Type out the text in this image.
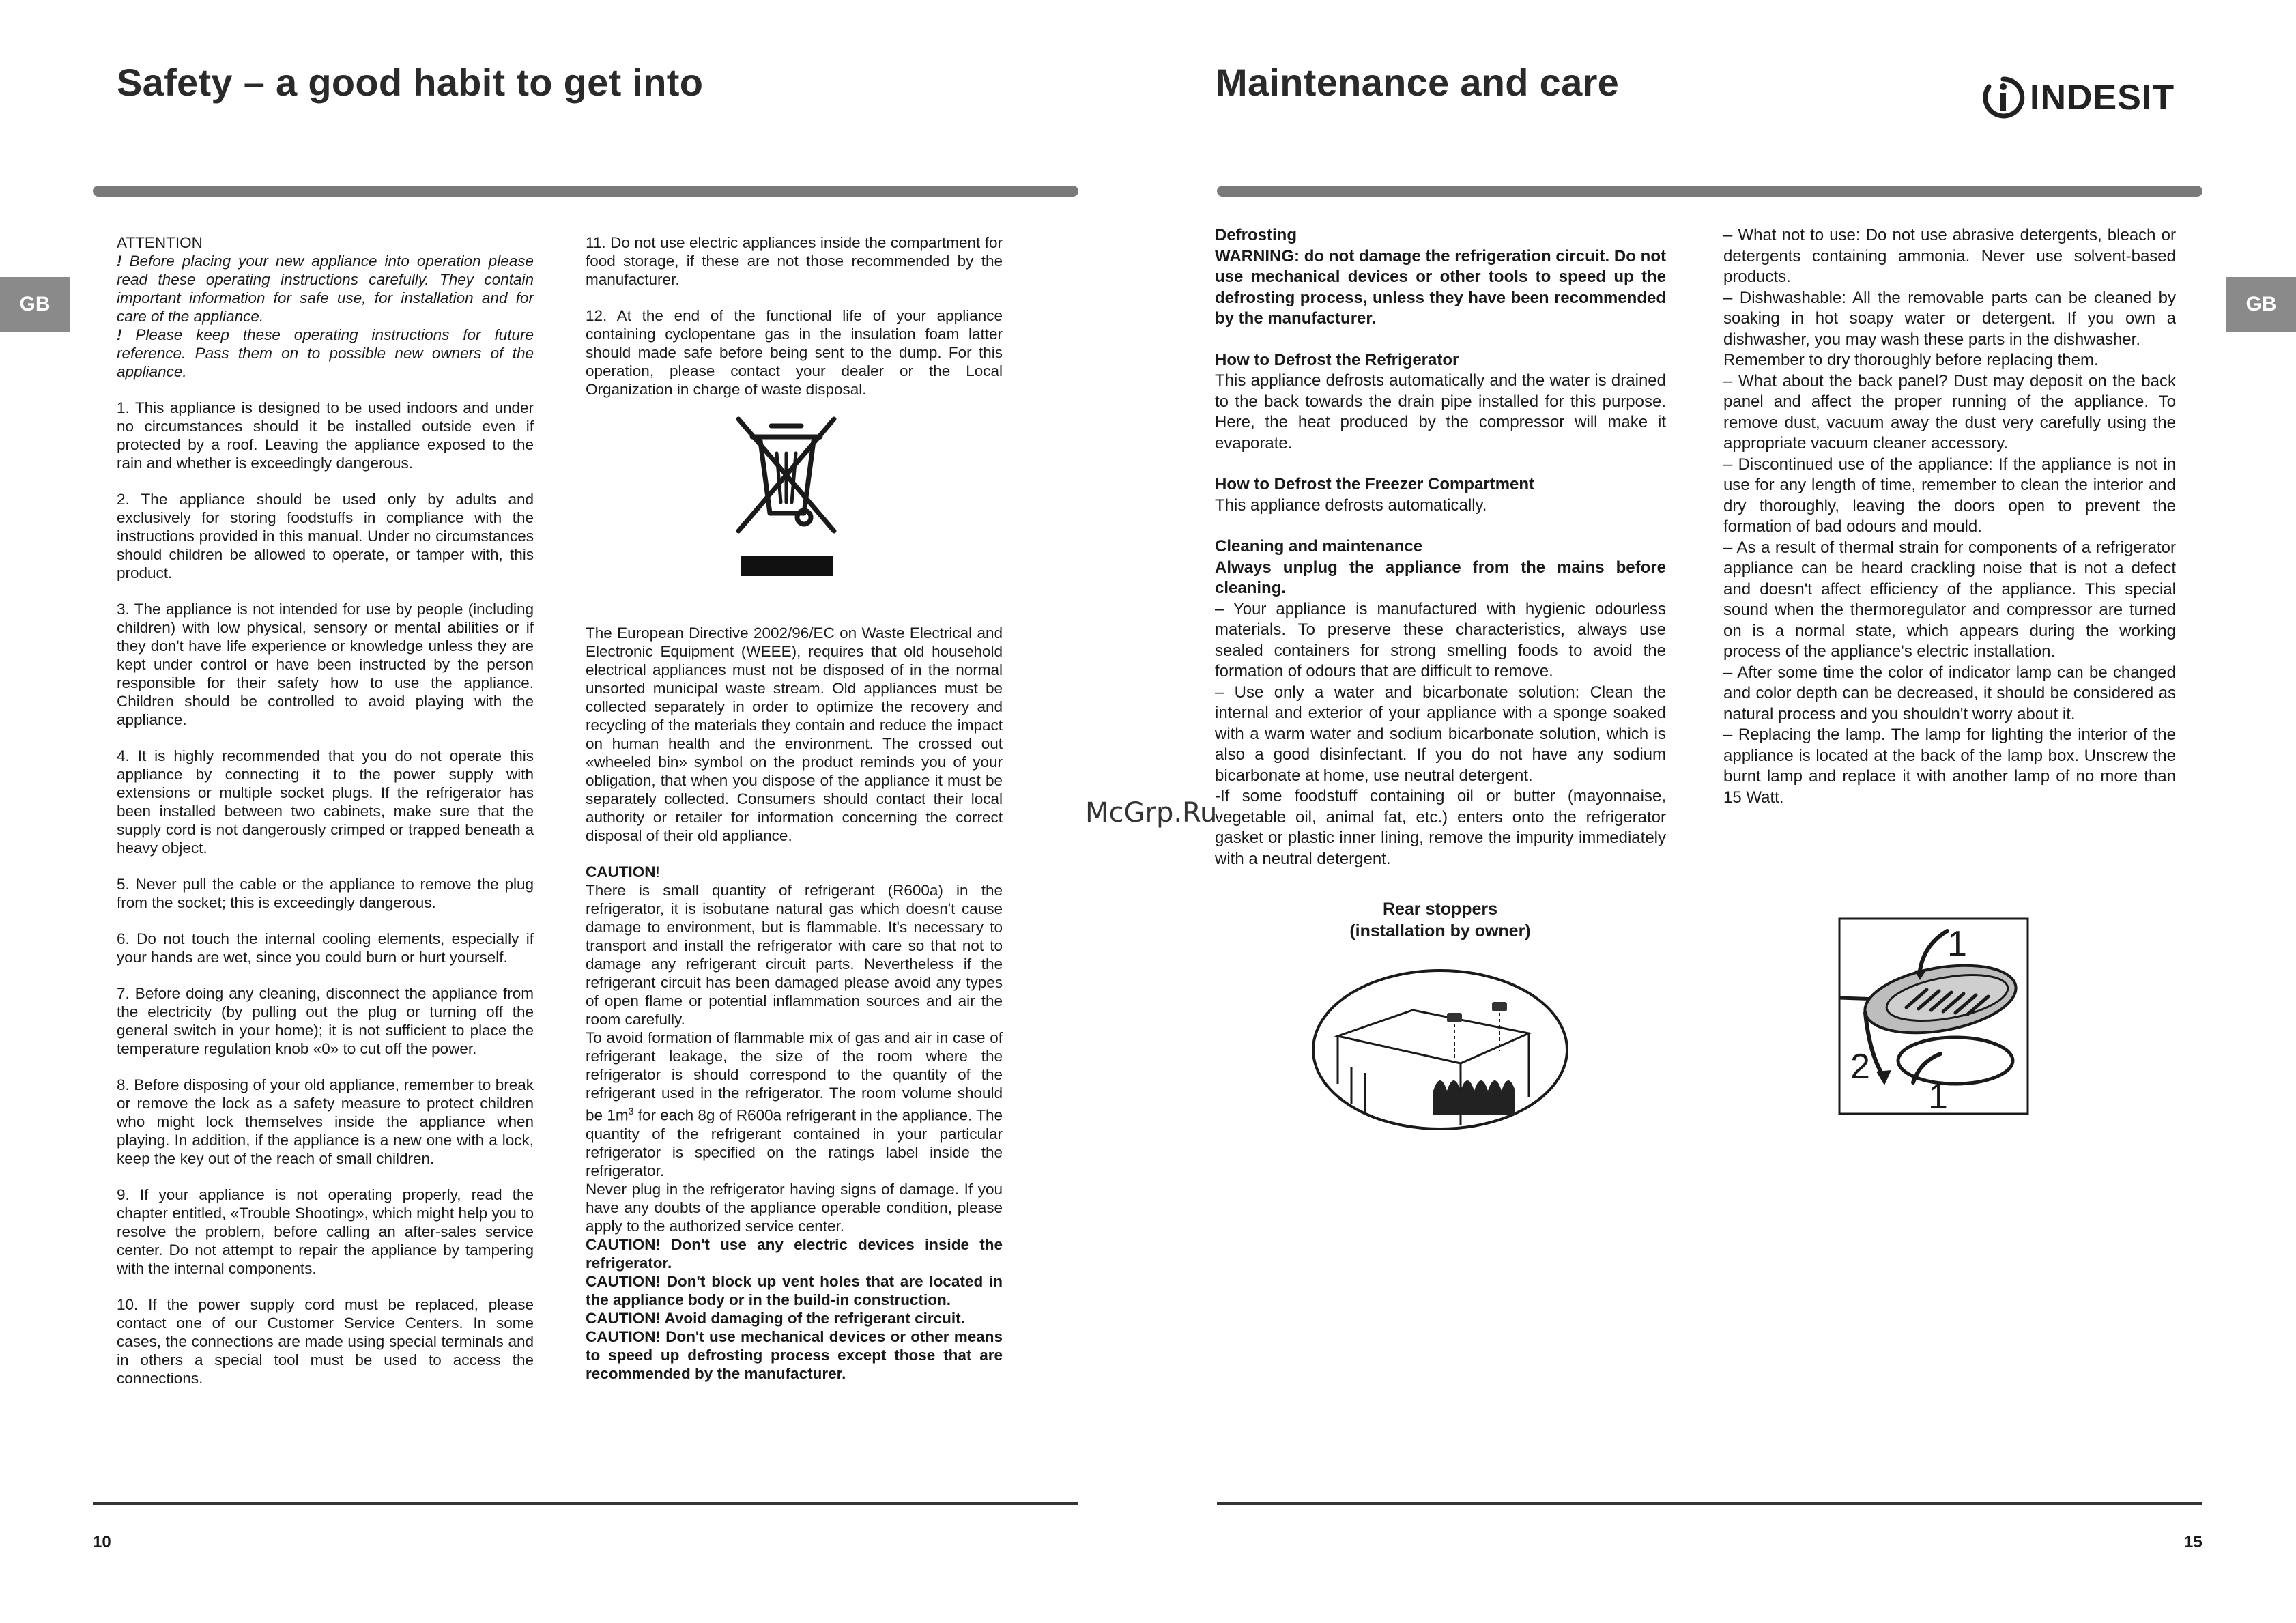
Safety – a good habit to get into
GB
ATTENTION
! Before placing your new appliance into operation please read these operating instructions carefully. They contain important information for safe use, for installation and for care of the appliance.

! Please keep these operating instructions for future reference. Pass them on to possible new owners of the appliance.

1. This appliance is designed to be used indoors and under no circumstances should it be installed outside even if protected by a roof. Leaving the appliance exposed to the rain and whether is exceedingly dangerous.

2. The appliance should be used only by adults and exclusively for storing foodstuffs in compliance with the instructions provided in this manual. Under no circumstances should children be allowed to operate, or tamper with, this product.

3. The appliance is not intended for use by people (including children) with low physical, sensory or mental abilities or if they don't have life experience or knowledge unless they are kept under control or have been instructed by the person responsible for their safety how to use the appliance. Children should be controlled to avoid playing with the appliance.

4. It is highly recommended that you do not operate this appliance by connecting it to the power supply with extensions or multiple socket plugs. If the refrigerator has been installed between two cabinets, make sure that the supply cord is not dangerously crimped or trapped beneath a heavy object.

5. Never pull the cable or the appliance to remove the plug from the socket; this is exceedingly dangerous.

6. Do not touch the internal cooling elements, especially if your hands are wet, since you could burn or hurt yourself.

7. Before doing any cleaning, disconnect the appliance from the electricity (by pulling out the plug or turning off the general switch in your home); it is not sufficient to place the temperature regulation knob «0» to cut off the power.

8. Before disposing of your old appliance, remember to break or remove the lock as a safety measure to protect children who might lock themselves inside the appliance when playing. In addition, if the appliance is a new one with a lock, keep the key out of the reach of small children.

9. If your appliance is not operating properly, read the chapter entitled, «Trouble Shooting», which might help you to resolve the problem, before calling an after-sales service center. Do not attempt to repair the appliance by tampering with the internal components.

10. If the power supply cord must be replaced, please contact one of our Customer Service Centers. In some cases, the connections are made using special terminals and in others a special tool must be used to access the connections.

11. Do not use electric appliances inside the compartment for food storage, if these are not those recommended by the manufacturer.

12. At the end of the functional life of your appliance containing cyclopentane gas in the insulation foam latter should made safe before being sent to the dump. For this operation, please contact your dealer or the Local Organization in charge of waste disposal.

The European Directive 2002/96/EC on Waste Electrical and Electronic Equipment (WEEE), requires that old household electrical appliances must not be disposed of in the normal unsorted municipal waste stream. Old appliances must be collected separately in order to optimize the recovery and recycling of the materials they contain and reduce the impact on human health and the environment. The crossed out «wheeled bin» symbol on the product reminds you of your obligation, that when you dispose of the appliance it must be separately collected. Consumers should contact their local authority or retailer for information concerning the correct disposal of their old appliance.

CAUTION!
There is small quantity of refrigerant (R600a) in the refrigerator, it is isobutane natural gas which doesn't cause damage to environment, but is flammable. It's necessary to transport and install the refrigerator with care so that not to damage any refrigerant circuit parts. Nevertheless if the refrigerant circuit has been damaged please avoid any types of open flame or potential inflammation sources and air the room carefully.
To avoid formation of flammable mix of gas and air in case of refrigerant leakage, the size of the room where the refrigerator is should correspond to the quantity of the refrigerant used in the refrigerator. The room volume should be $1m^3$ for each 8g of R600a refrigerant in the appliance. The quantity of the refrigerant contained in your particular refrigerator is specified on the ratings label inside the refrigerator.
Never plug in the refrigerator having signs of damage. If you have any doubts of the appliance operable condition, please apply to the authorized service center.
CAUTION! Don't use any electric devices inside the refrigerator.
CAUTION! Don't block up vent holes that are located in the appliance body or in the build-in construction.
CAUTION! Avoid damaging of the refrigerant circuit.
CAUTION! Don't use mechanical devices or other means to speed up defrosting process except those that are recommended by the manufacturer.
10
Maintenance and care	INDESIT
GB

Defrosting

WARNING: do not damage the refrigeration circuit. Do not use mechanical devices or other tools to speed up the defrosting process, unless they have been recommended by the manufacturer.

How to Defrost the Refrigerator

This appliance defrosts automatically and the water is drained to the back towards the drain pipe installed for this purpose. Here, the heat produced by the compressor will make it evaporate.

How to Defrost the Freezer Compartment

This appliance defrosts automatically.

Cleaning and maintenance

Always unplug the appliance from the mains before cleaning.

– Your appliance is manufactured with hygienic odourless materials. To preserve these characteristics, always use sealed containers for strong smelling foods to avoid the formation of odours that are difficult to remove.

– Use only a water and bicarbonate solution: Clean the internal and exterior of your appliance with a sponge soaked with a warm water and sodium bicarbonate solution, which is also a good disinfectant. If you do not have any sodium bicarbonate at home, use neutral detergent.

-If some foodstuff containing oil or butter (mayonnaise, vegetable oil, animal fat, etc.) enters onto the refrigerator gasket or plastic inner lining, remove the impurity immediately with a neutral detergent.

Rear stoppers
(installation by owner)

– What not to use: Do not use abrasive detergents, bleach or detergents containing ammonia. Never use solvent-based products.

– Dishwashable: All the removable parts can be cleaned by soaking in hot soapy water or detergent. If you own a dishwasher, you may wash these parts in the dishwasher.

Remember to dry thoroughly before replacing them.

– What about the back panel? Dust may deposit on the back panel and affect the proper running of the appliance. To remove dust, vacuum away the dust very carefully using the appropriate vacuum cleaner accessory.

– Discontinued use of the appliance: If the appliance is not in use for any length of time, remember to clean the interior and dry thoroughly, leaving the doors open to prevent the formation of bad odours and mould.

– As a result of thermal strain for components of a refrigerator appliance can be heard crackling noise that is not a defect and doesn't affect efficiency of the appliance. This special sound when the thermoregulator and compressor are turned on is a normal state, which appears during the working process of the appliance's electric installation.

– After some time the color of indicator lamp can be changed and color depth can be decreased, it should be considered as natural process and you shouldn't worry about it.

– Replacing the lamp. The lamp for lighting the interior of the appliance is located at the back of the lamp box. Unscrew the burnt lamp and replace it with another lamp of no more than 15 Watt.

1
2
1
15
McGrp.Ru
